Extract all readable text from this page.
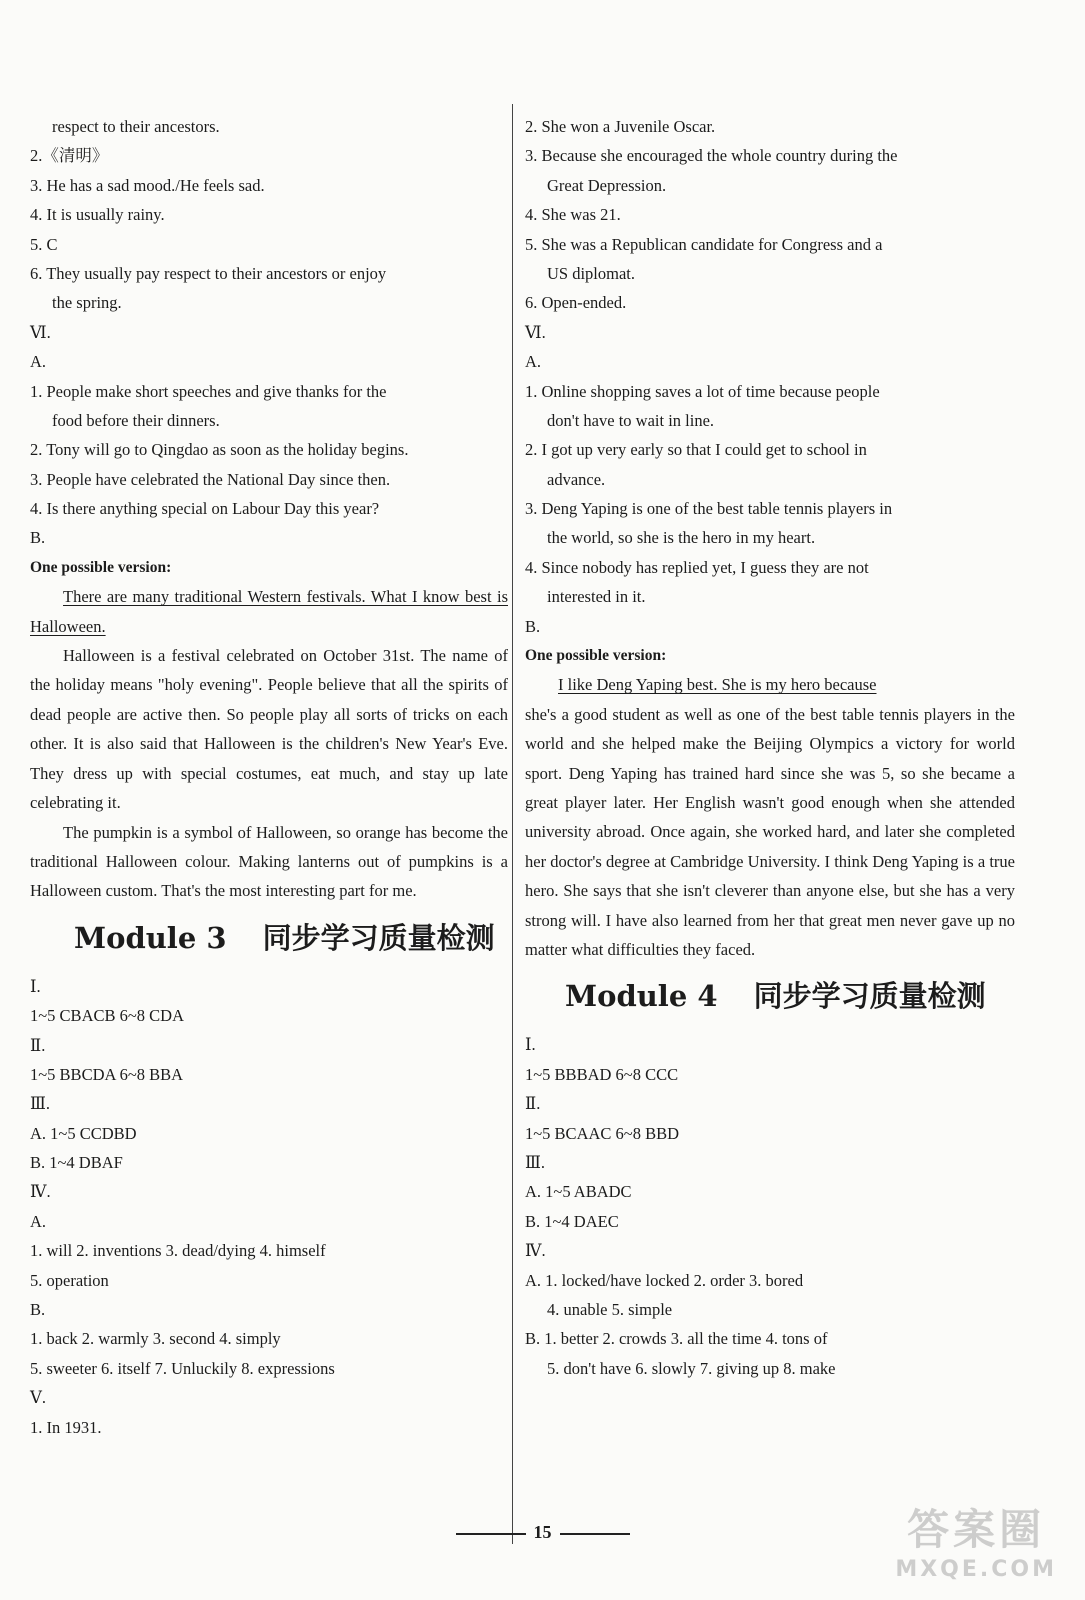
respect to their ancestors.
2.《清明》
3. He has a sad mood./He feels sad.
4. It is usually rainy.
5. C
6. They usually pay respect to their ancestors or enjoy
the spring.
Ⅵ.
A.
1. People make short speeches and give thanks for the
food before their dinners.
2. Tony will go to Qingdao as soon as the holiday begins.
3. People have celebrated the National Day since then.
4. Is there anything special on Labour Day this year?
B.
One possible version:
There are many traditional Western festivals. What I know best is Halloween.
Halloween is a festival celebrated on October 31st. The name of the holiday means "holy evening". People believe that all the spirits of dead people are active then. So people play all sorts of tricks on each other. It is also said that Halloween is the children's New Year's Eve. They dress up with special costumes, eat much, and stay up late celebrating it.
The pumpkin is a symbol of Halloween, so orange has become the traditional Halloween colour. Making lanterns out of pumpkins is a Halloween custom. That's the most interesting part for me.
Module 3 同步学习质量检测
Ⅰ.
1~5 CBACB 6~8 CDA
Ⅱ.
1~5 BBCDA 6~8 BBA
Ⅲ.
A. 1~5 CCDBD
B. 1~4 DBAF
Ⅳ.
A.
1. will 2. inventions 3. dead/dying 4. himself
5. operation
B.
1. back 2. warmly 3. second 4. simply
5. sweeter 6. itself 7. Unluckily 8. expressions
Ⅴ.
1. In 1931.
2. She won a Juvenile Oscar.
3. Because she encouraged the whole country during the
Great Depression.
4. She was 21.
5. She was a Republican candidate for Congress and a
US diplomat.
6. Open-ended.
Ⅵ.
A.
1. Online shopping saves a lot of time because people
don't have to wait in line.
2. I got up very early so that I could get to school in
advance.
3. Deng Yaping is one of the best table tennis players in
the world, so she is the hero in my heart.
4. Since nobody has replied yet, I guess they are not
interested in it.
B.
One possible version:
I like Deng Yaping best. She is my hero because
she's a good student as well as one of the best table tennis players in the world and she helped make the Beijing Olympics a victory for world sport. Deng Yaping has trained hard since she was 5, so she became a great player later. Her English wasn't good enough when she attended university abroad. Once again, she worked hard, and later she completed her doctor's degree at Cambridge University. I think Deng Yaping is a true hero. She says that she isn't cleverer than anyone else, but she has a very strong will. I have also learned from her that great men never gave up no matter what difficulties they faced.
Module 4 同步学习质量检测
Ⅰ.
1~5 BBBAD 6~8 CCC
Ⅱ.
1~5 BCAAC 6~8 BBD
Ⅲ.
A. 1~5 ABADC
B. 1~4 DAEC
Ⅳ.
A. 1. locked/have locked 2. order 3. bored
4. unable 5. simple
B. 1. better 2. crowds 3. all the time 4. tons of
5. don't have 6. slowly 7. giving up 8. make
15	答案圈
MXQE.COM
